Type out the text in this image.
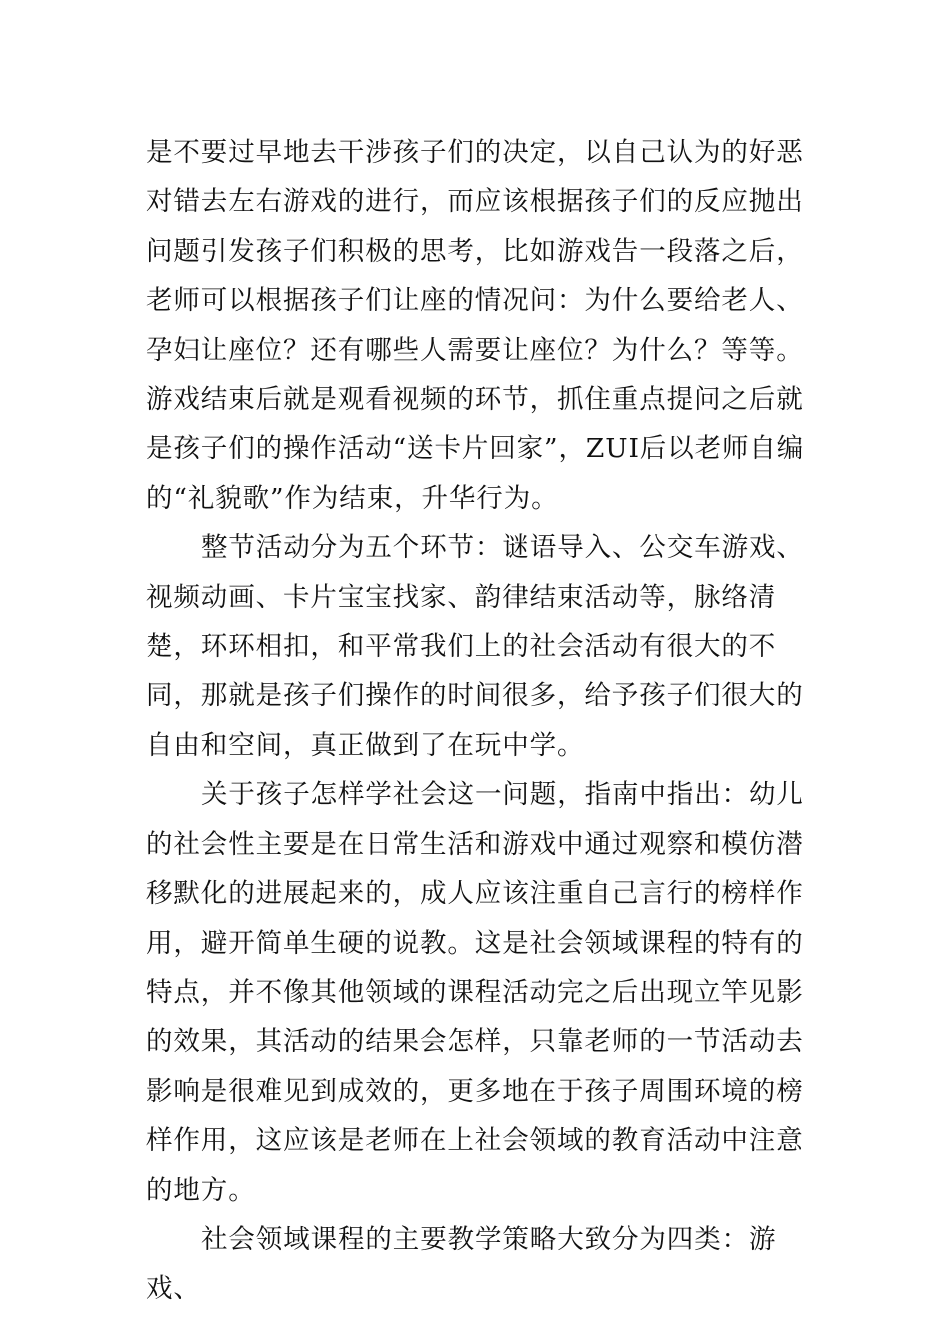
是不要过早地去干涉孩子们的决定，以自己认为的好恶对错去左右游戏的进行，而应该根据孩子们的反应抛出问题引发孩子们积极的思考，比如游戏告一段落之后，老师可以根据孩子们让座的情况问：为什么要给老人、孕妇让座位？还有哪些人需要让座位？为什么？等等。游戏结束后就是观看视频的环节，抓住重点提问之后就是孩子们的操作活动“送卡片回家”，ZUI后以老师自编的“礼貌歌”作为结束，升华行为。

整节活动分为五个环节：谜语导入、公交车游戏、视频动画、卡片宝宝找家、韵律结束活动等，脉络清楚，环环相扣，和平常我们上的社会活动有很大的不同，那就是孩子们操作的时间很多，给予孩子们很大的自由和空间，真正做到了在玩中学。

关于孩子怎样学社会这一问题，指南中指出：幼儿的社会性主要是在日常生活和游戏中通过观察和模仿潜移默化的进展起来的，成人应该注重自己言行的榜样作用，避开简单生硬的说教。这是社会领域课程的特有的特点，并不像其他领域的课程活动完之后出现立竿见影的效果，其活动的结果会怎样，只靠老师的一节活动去影响是很难见到成效的，更多地在于孩子周围环境的榜样作用，这应该是老师在上社会领域的教育活动中注意的地方。

社会领域课程的主要教学策略大致分为四类：游戏、
